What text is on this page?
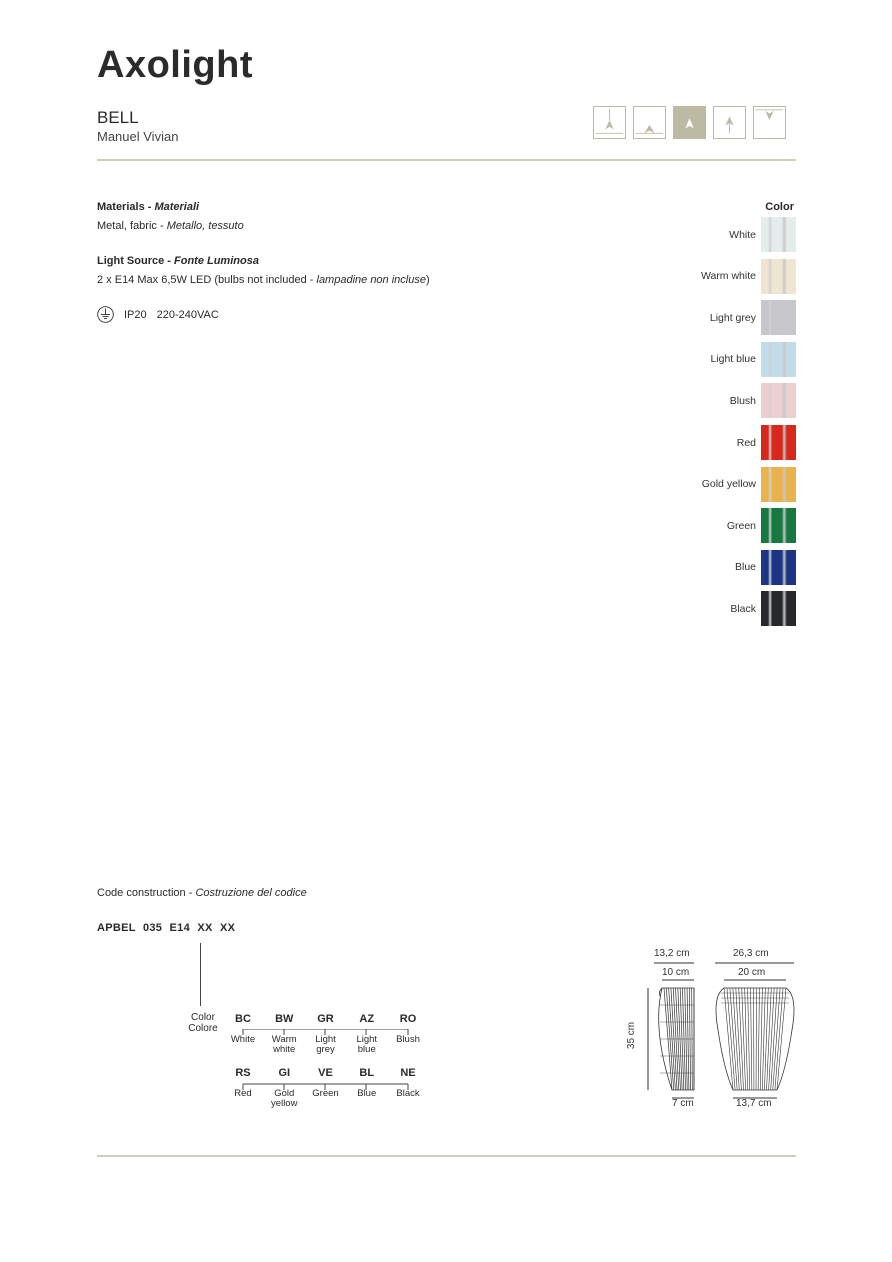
Axolight
BELL
Manuel Vivian
Materials - Materiali
Metal, fabric - Metallo, tessuto
Light Source - Fonte Luminosa
2 x E14 Max 6,5W LED (bulbs not included - lampadine non incluse)
IP20 220-240VAC
Color
White
Warm white
Light grey
Light blue
Blush
Red
Gold yellow
Green
Blue
Black
Code construction - Costruzione del codice
APBEL 035 E14 XX XX
Color
Colore
BC
White
BW
Warm white
GR
Light grey
AZ
Light blue
RO
Blush
RS
Red
GI
Gold yellow
VE
Green
BL
Blue
NE
Black
13,2 cm
10 cm
7 cm
35 cm
26,3 cm
20 cm
13,7 cm
